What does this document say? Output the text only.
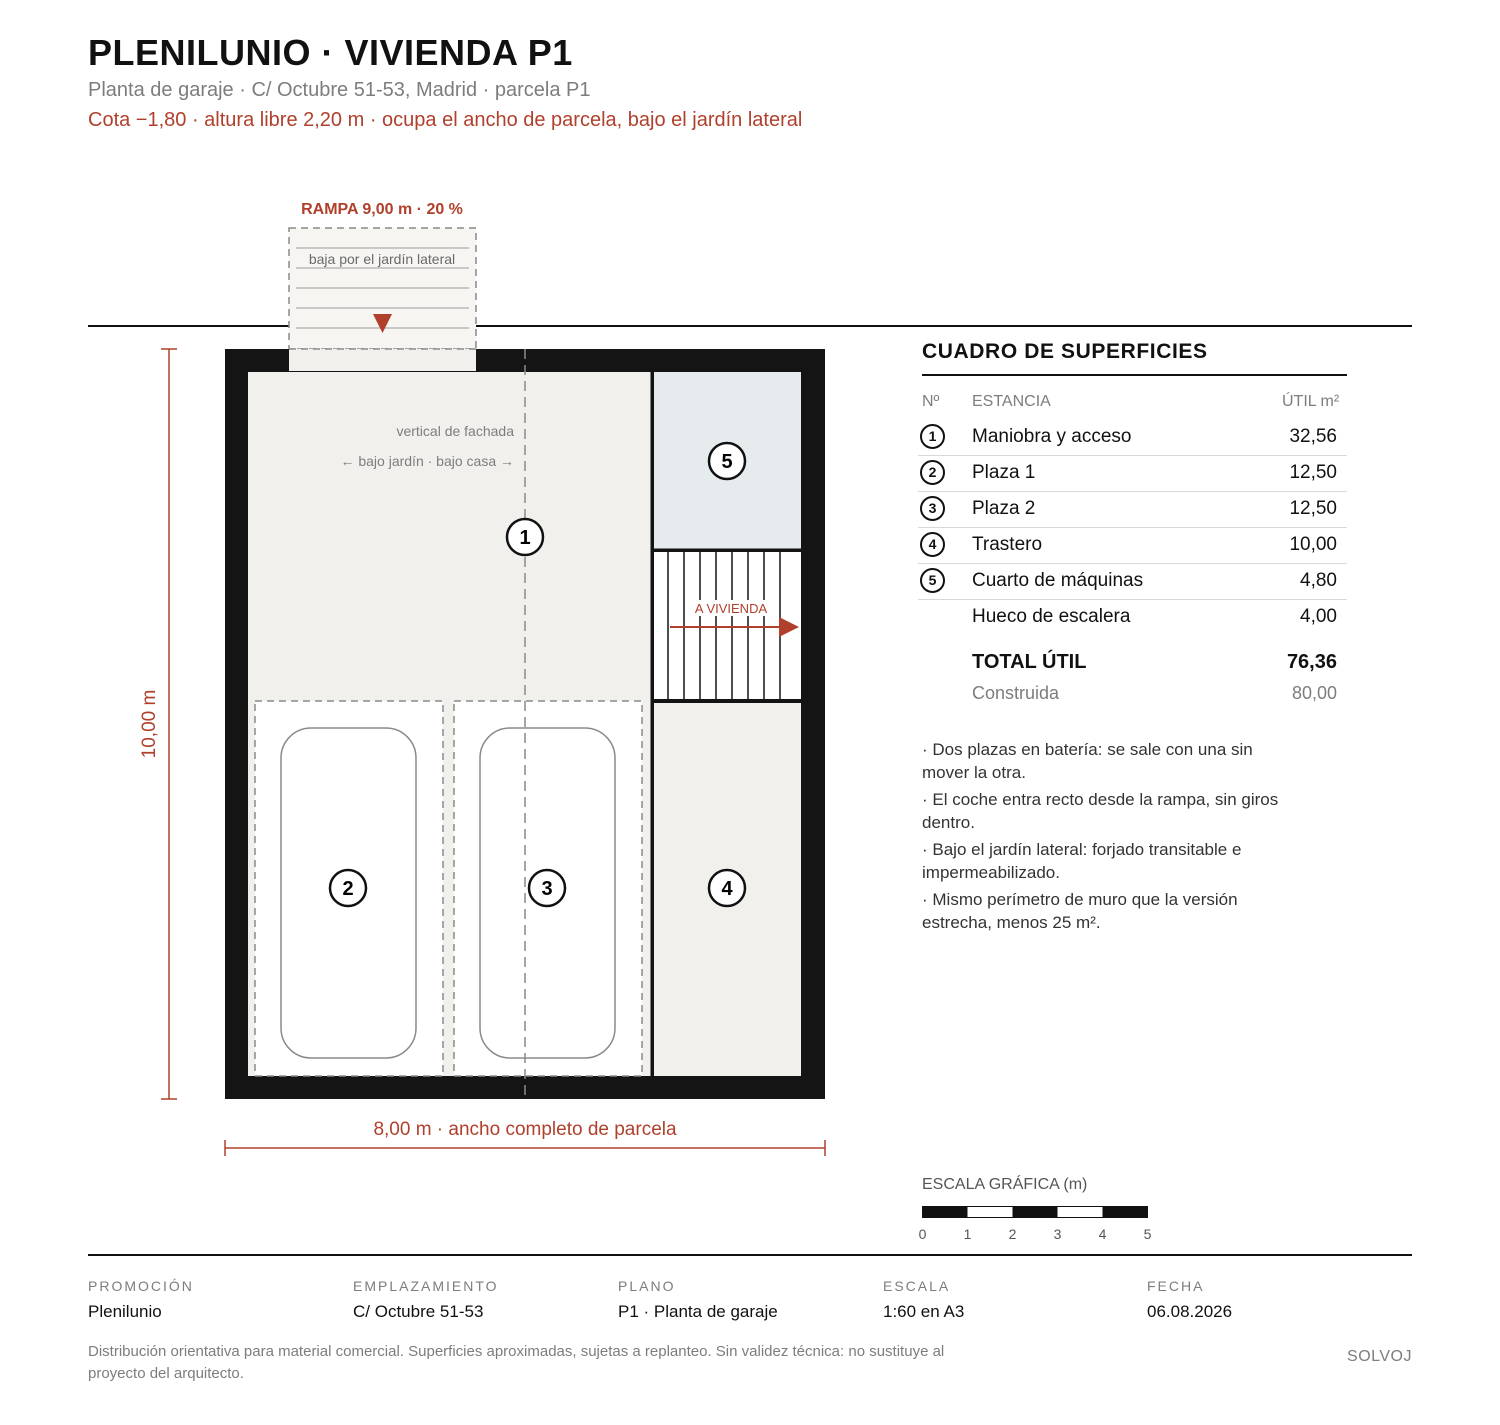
PLENILUNIO · VIVIENDA P1
Planta de garaje · C/ Octubre 51-53, Madrid · parcela P1
Cota −1,80 · altura libre 2,20 m · ocupa el ancho de parcela, bajo el jardín lateral
RAMPA 9,00 m · 20 %
baja por el jardín lateral
A VIVIENDA
vertical de fachada
← bajo jardín · bajo casa →
1
2	3	4
5
10,00 m
8,00 m · ancho completo de parcela
CUADRO DE SUPERFICIES
Nº ESTANCIA	ÚTIL m²
1	Maniobra y acceso	32,56
2	Plaza 1	12,50
3	Plaza 2	12,50
4	Trastero	10,00
5	Cuarto de máquinas	4,80
Hueco de escalera	4,00
TOTAL ÚTIL	76,36
Construida	80,00

· Dos plazas en batería: se sale con una sin mover la otra.

· El coche entra recto desde la rampa, sin giros dentro.

· Bajo el jardín lateral: forjado transitable e impermeabilizado.

· Mismo perímetro de muro que la versión estrecha, menos 25 m².

ESCALA GRÁFICA (m)
0	1	2	3	4	5
PROMOCIÓN
Plenilunio
EMPLAZAMIENTO
C/ Octubre 51-53
PLANO
P1 · Planta de garaje
ESCALA
1:60 en A3
FECHA
06.08.2026
Distribución orientativa para material comercial. Superficies aproximadas, sujetas a replanteo. Sin validez técnica: no sustituye al proyecto del arquitecto.
SOLVOJ
